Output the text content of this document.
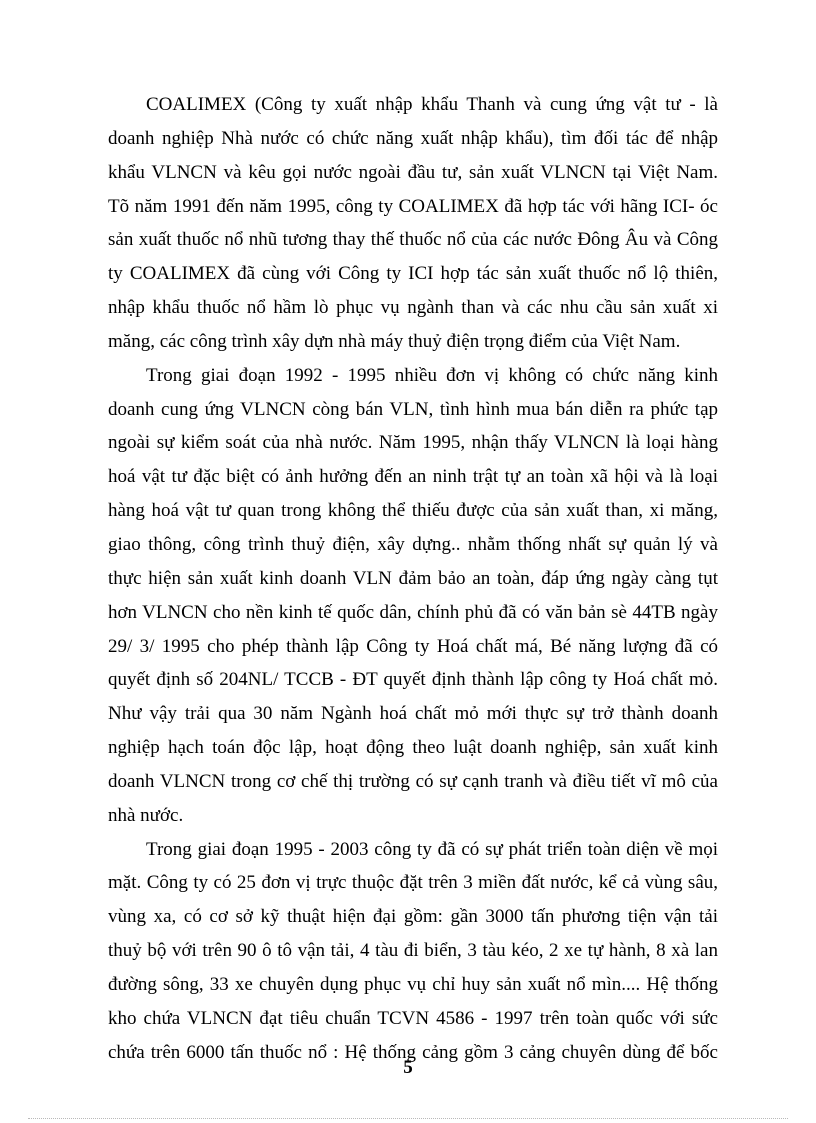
COALIMEX (Công ty xuất nhập khẩu Thanh và cung ứng vật tư - là
doanh nghiệp Nhà nước có chức năng xuất nhập khẩu), tìm đối tác để nhập
khẩu VLNCN và kêu gọi nước ngoài đầu tư, sản xuất VLNCN tại Việt Nam.
Tõ năm 1991 đến năm 1995, công ty COALIMEX đã hợp tác với hãng ICI- óc
sản xuất thuốc nổ nhũ tương thay thế thuốc nổ của các nước Đông Âu và Công
ty COALIMEX đã cùng với Công ty ICI hợp tác sản xuất thuốc nổ lộ thiên,
nhập khẩu thuốc nổ hầm lò phục vụ ngành than và các nhu cầu sản xuất xi
măng, các công trình xây dựn nhà máy thuỷ điện trọng điểm của Việt Nam.
Trong giai đoạn 1992 - 1995 nhiều đơn vị không có chức năng kinh
doanh cung ứng VLNCN còng bán VLN, tình hình mua bán diễn ra phức tạp
ngoài sự kiểm soát của nhà nước. Năm 1995, nhận thấy VLNCN là loại hàng
hoá vật tư đặc biệt có ảnh hưởng đến an ninh trật tự an toàn xã hội và là loại
hàng hoá vật tư quan trong không thể thiếu được của sản xuất than, xi măng,
giao thông, công trình thuỷ điện, xây dựng.. nhằm thống nhất sự quản lý và
thực hiện sản xuất kinh doanh VLN đảm bảo an toàn, đáp ứng ngày càng tụt
hơn VLNCN cho nền kinh tế quốc dân, chính phủ đã có văn bản sè 44TB ngày
29/ 3/ 1995 cho phép thành lập Công ty Hoá chất má, Bé năng lượng đã có
quyết định số 204NL/ TCCB - ĐT quyết định thành lập công ty Hoá chất mỏ.
Như vậy trải qua 30 năm Ngành hoá chất mỏ mới thực sự trở thành doanh
nghiệp hạch toán độc lập, hoạt động theo luật doanh nghiệp, sản xuất kinh
doanh VLNCN trong cơ chế thị trường có sự cạnh tranh và điều tiết vĩ mô của
nhà nước.
Trong giai đoạn 1995 - 2003 công ty đã có sự phát triển toàn diện về mọi
mặt. Công ty có 25 đơn vị trực thuộc đặt trên 3 miền đất nước, kể cả vùng sâu,
vùng xa, có cơ sở kỹ thuật hiện đại gồm: gần 3000 tấn phương tiện vận tải
thuỷ bộ với trên 90 ô tô vận tải, 4 tàu đi biển, 3 tàu kéo, 2 xe tự hành, 8 xà lan
đường sông, 33 xe chuyên dụng phục vụ chỉ huy sản xuất nổ mìn.... Hệ thống
kho chứa VLNCN đạt tiêu chuẩn TCVN 4586 - 1997 trên toàn quốc với sức
chứa trên 6000 tấn thuốc nổ : Hệ thống cảng gồm 3 cảng chuyên dùng để bốc
5
